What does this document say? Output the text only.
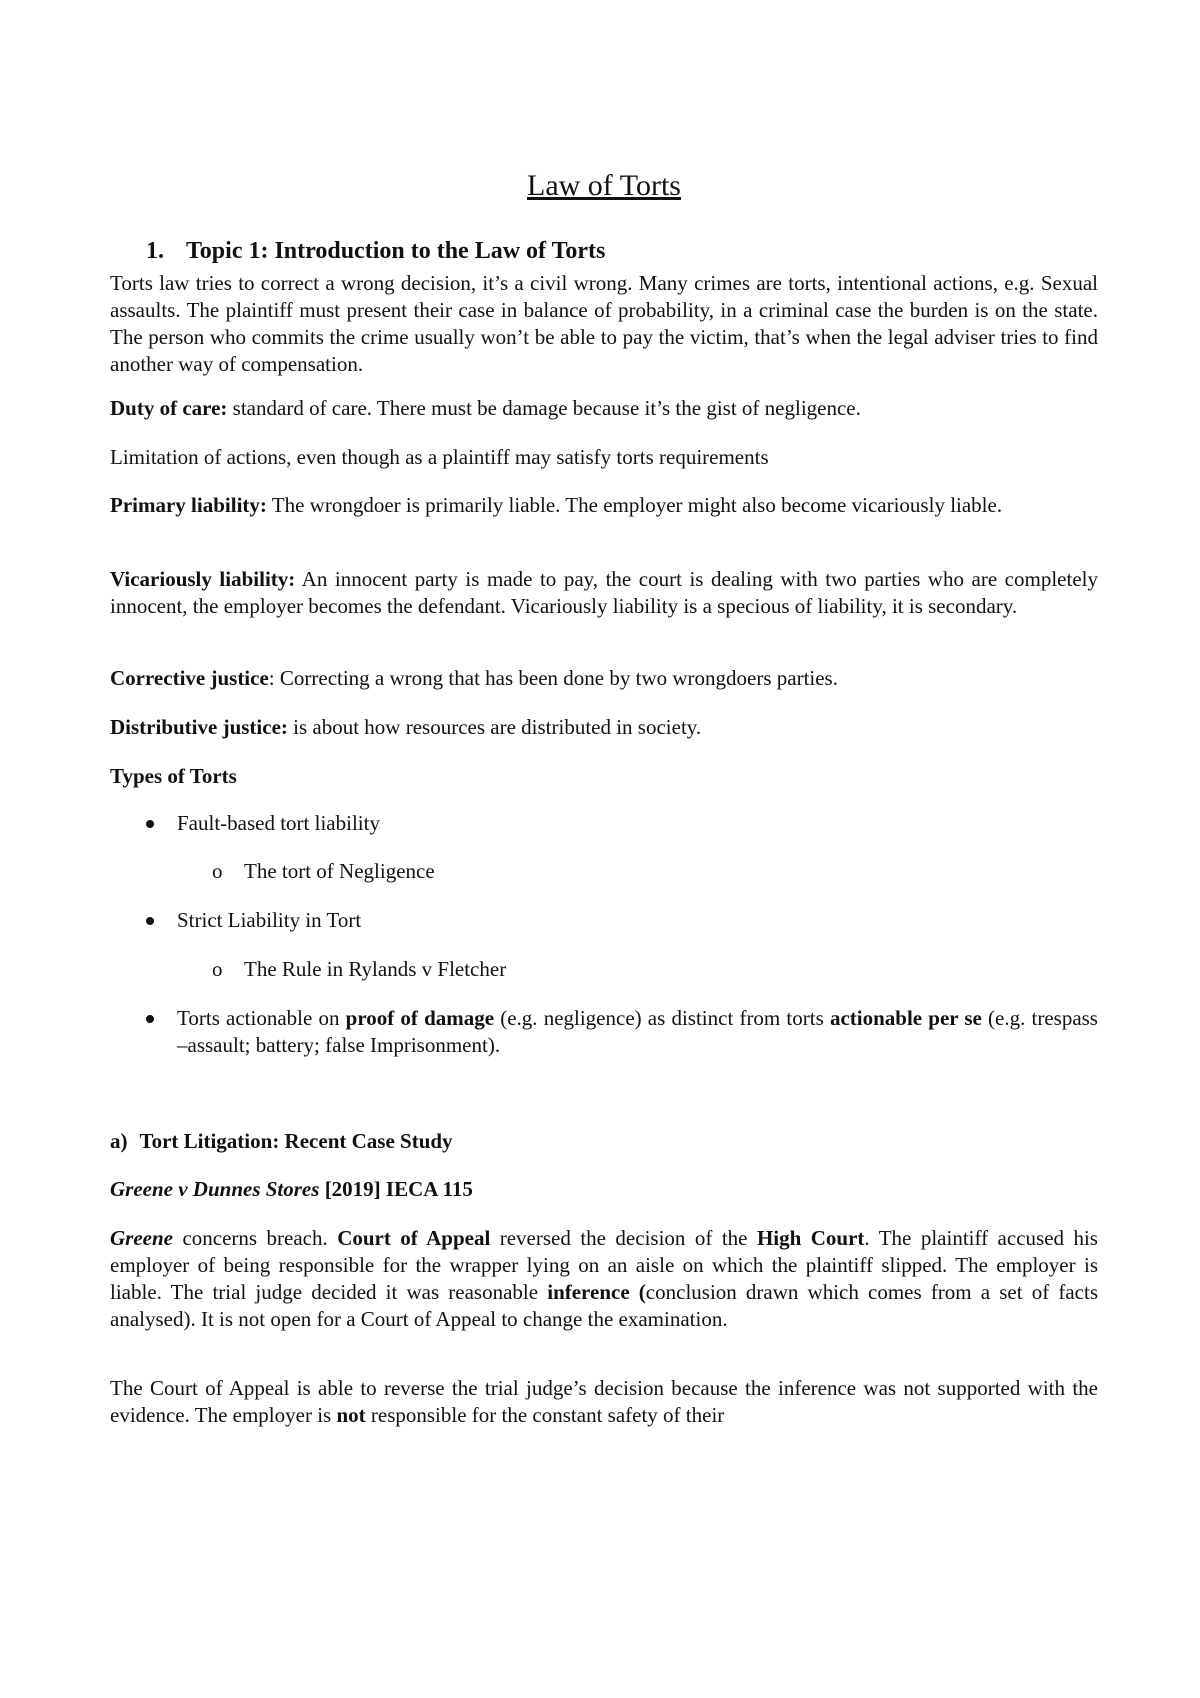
Law of Torts
1. Topic 1: Introduction to the Law of Torts

Torts law tries to correct a wrong decision, it’s a civil wrong. Many crimes are torts, intentional actions, e.g. Sexual assaults. The plaintiff must present their case in balance of probability, in a criminal case the burden is on the state. The person who commits the crime usually won’t be able to pay the victim, that’s when the legal adviser tries to find another way of compensation.

Duty of care: standard of care. There must be damage because it’s the gist of negligence.

Limitation of actions, even though as a plaintiff may satisfy torts requirements

Primary liability: The wrongdoer is primarily liable. The employer might also become vicariously liable.

Vicariously liability: An innocent party is made to pay, the court is dealing with two parties who are completely innocent, the employer becomes the defendant. Vicariously liability is a specious of liability, it is secondary.

Corrective justice: Correcting a wrong that has been done by two wrongdoers parties.

Distributive justice: is about how resources are distributed in society.

Types of Torts

Fault-based tort liability
o The tort of Negligence
Strict Liability in Tort
o The Rule in Rylands v Fletcher

Torts actionable on proof of damage (e.g. negligence) as distinct from torts actionable per se (e.g. trespass –assault; battery; false Imprisonment).

a) Tort Litigation: Recent Case Study

Greene v Dunnes Stores [2019] IECA 115

Greene concerns breach. Court of Appeal reversed the decision of the High Court. The plaintiff accused his employer of being responsible for the wrapper lying on an aisle on which the plaintiff slipped. The employer is liable. The trial judge decided it was reasonable inference (conclusion drawn which comes from a set of facts analysed). It is not open for a Court of Appeal to change the examination.

The Court of Appeal is able to reverse the trial judge’s decision because the inference was not supported with the evidence. The employer is not responsible for the constant safety of their
